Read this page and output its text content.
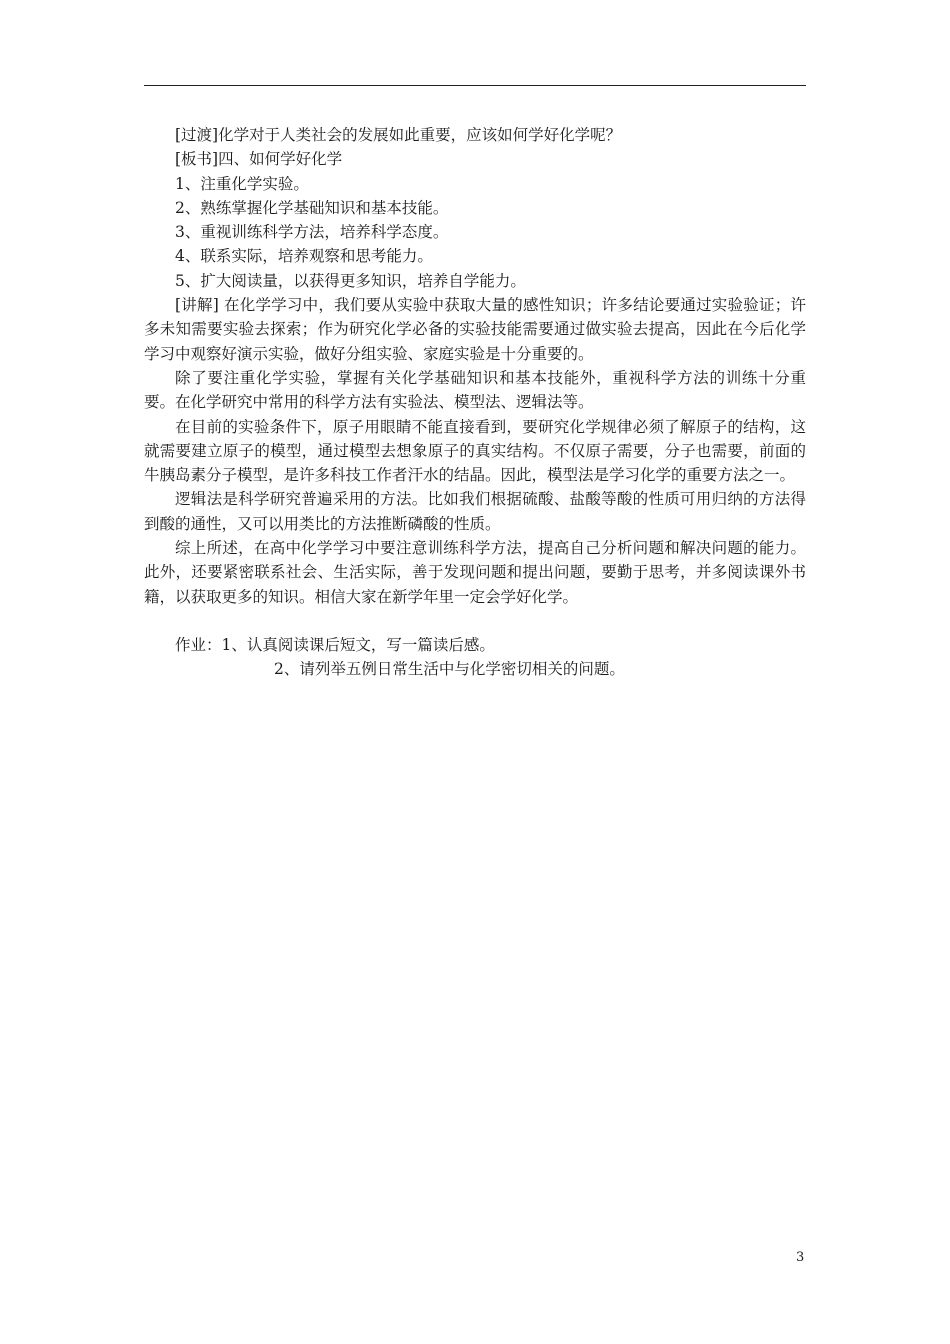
[过渡]化学对于人类社会的发展如此重要，应该如何学好化学呢？

[板书]四、如何学好化学

1、注重化学实验。

2、熟练掌握化学基础知识和基本技能。

3、重视训练科学方法，培养科学态度。

4、联系实际，培养观察和思考能力。

5、扩大阅读量，以获得更多知识，培养自学能力。

[讲解] 在化学学习中，我们要从实验中获取大量的感性知识；许多结论要通过实验验证；许多未知需要实验去探索；作为研究化学必备的实验技能需要通过做实验去提高，因此在今后化学学习中观察好演示实验，做好分组实验、家庭实验是十分重要的。

除了要注重化学实验，掌握有关化学基础知识和基本技能外，重视科学方法的训练十分重要。在化学研究中常用的科学方法有实验法、模型法、逻辑法等。

在目前的实验条件下，原子用眼睛不能直接看到，要研究化学规律必须了解原子的结构，这就需要建立原子的模型，通过模型去想象原子的真实结构。不仅原子需要，分子也需要，前面的牛胰岛素分子模型，是许多科技工作者汗水的结晶。因此，模型法是学习化学的重要方法之一。

逻辑法是科学研究普遍采用的方法。比如我们根据硫酸、盐酸等酸的性质可用归纳的方法得到酸的通性，又可以用类比的方法推断磷酸的性质。

综上所述，在高中化学学习中要注意训练科学方法，提高自己分析问题和解决问题的能力。此外，还要紧密联系社会、生活实际，善于发现问题和提出问题，要勤于思考，并多阅读课外书籍，以获取更多的知识。相信大家在新学年里一定会学好化学。

作业：1、认真阅读课后短文，写一篇读后感。
2、请列举五例日常生活中与化学密切相关的问题。
3
